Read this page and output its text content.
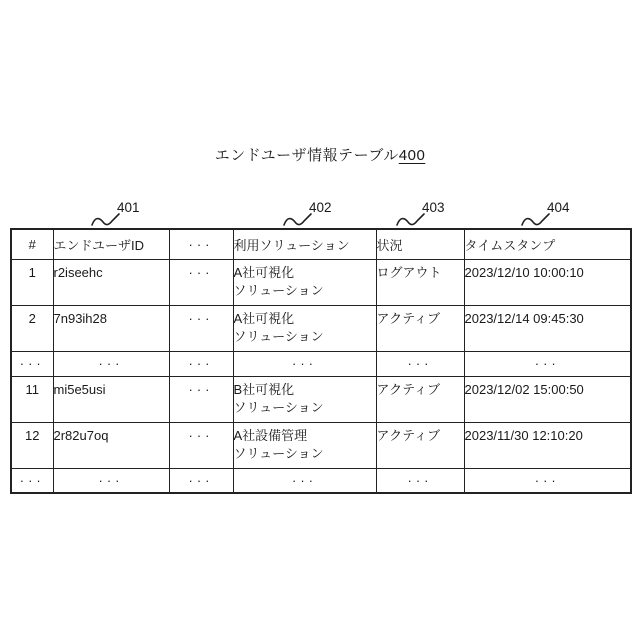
エンドユーザ情報テーブル400
401	402	403	404
#	エンドユーザID	···	利用ソリューション	状況	タイムスタンプ
1	r2iseehc	···	A社可視化
ソリューション	ログアウト	2023/12/10 10:00:10
2	7n93ih28	···	A社可視化
ソリューション	アクティブ	2023/12/14 09:45:30
···	···	···	···	···	···
11	mi5e5usi	···	B社可視化
ソリューション	アクティブ	2023/12/02 15:00:50
12	2r82u7oq	···	A社設備管理
ソリューション	アクティブ	2023/11/30 12:10:20
···	···	···	···	···	···
